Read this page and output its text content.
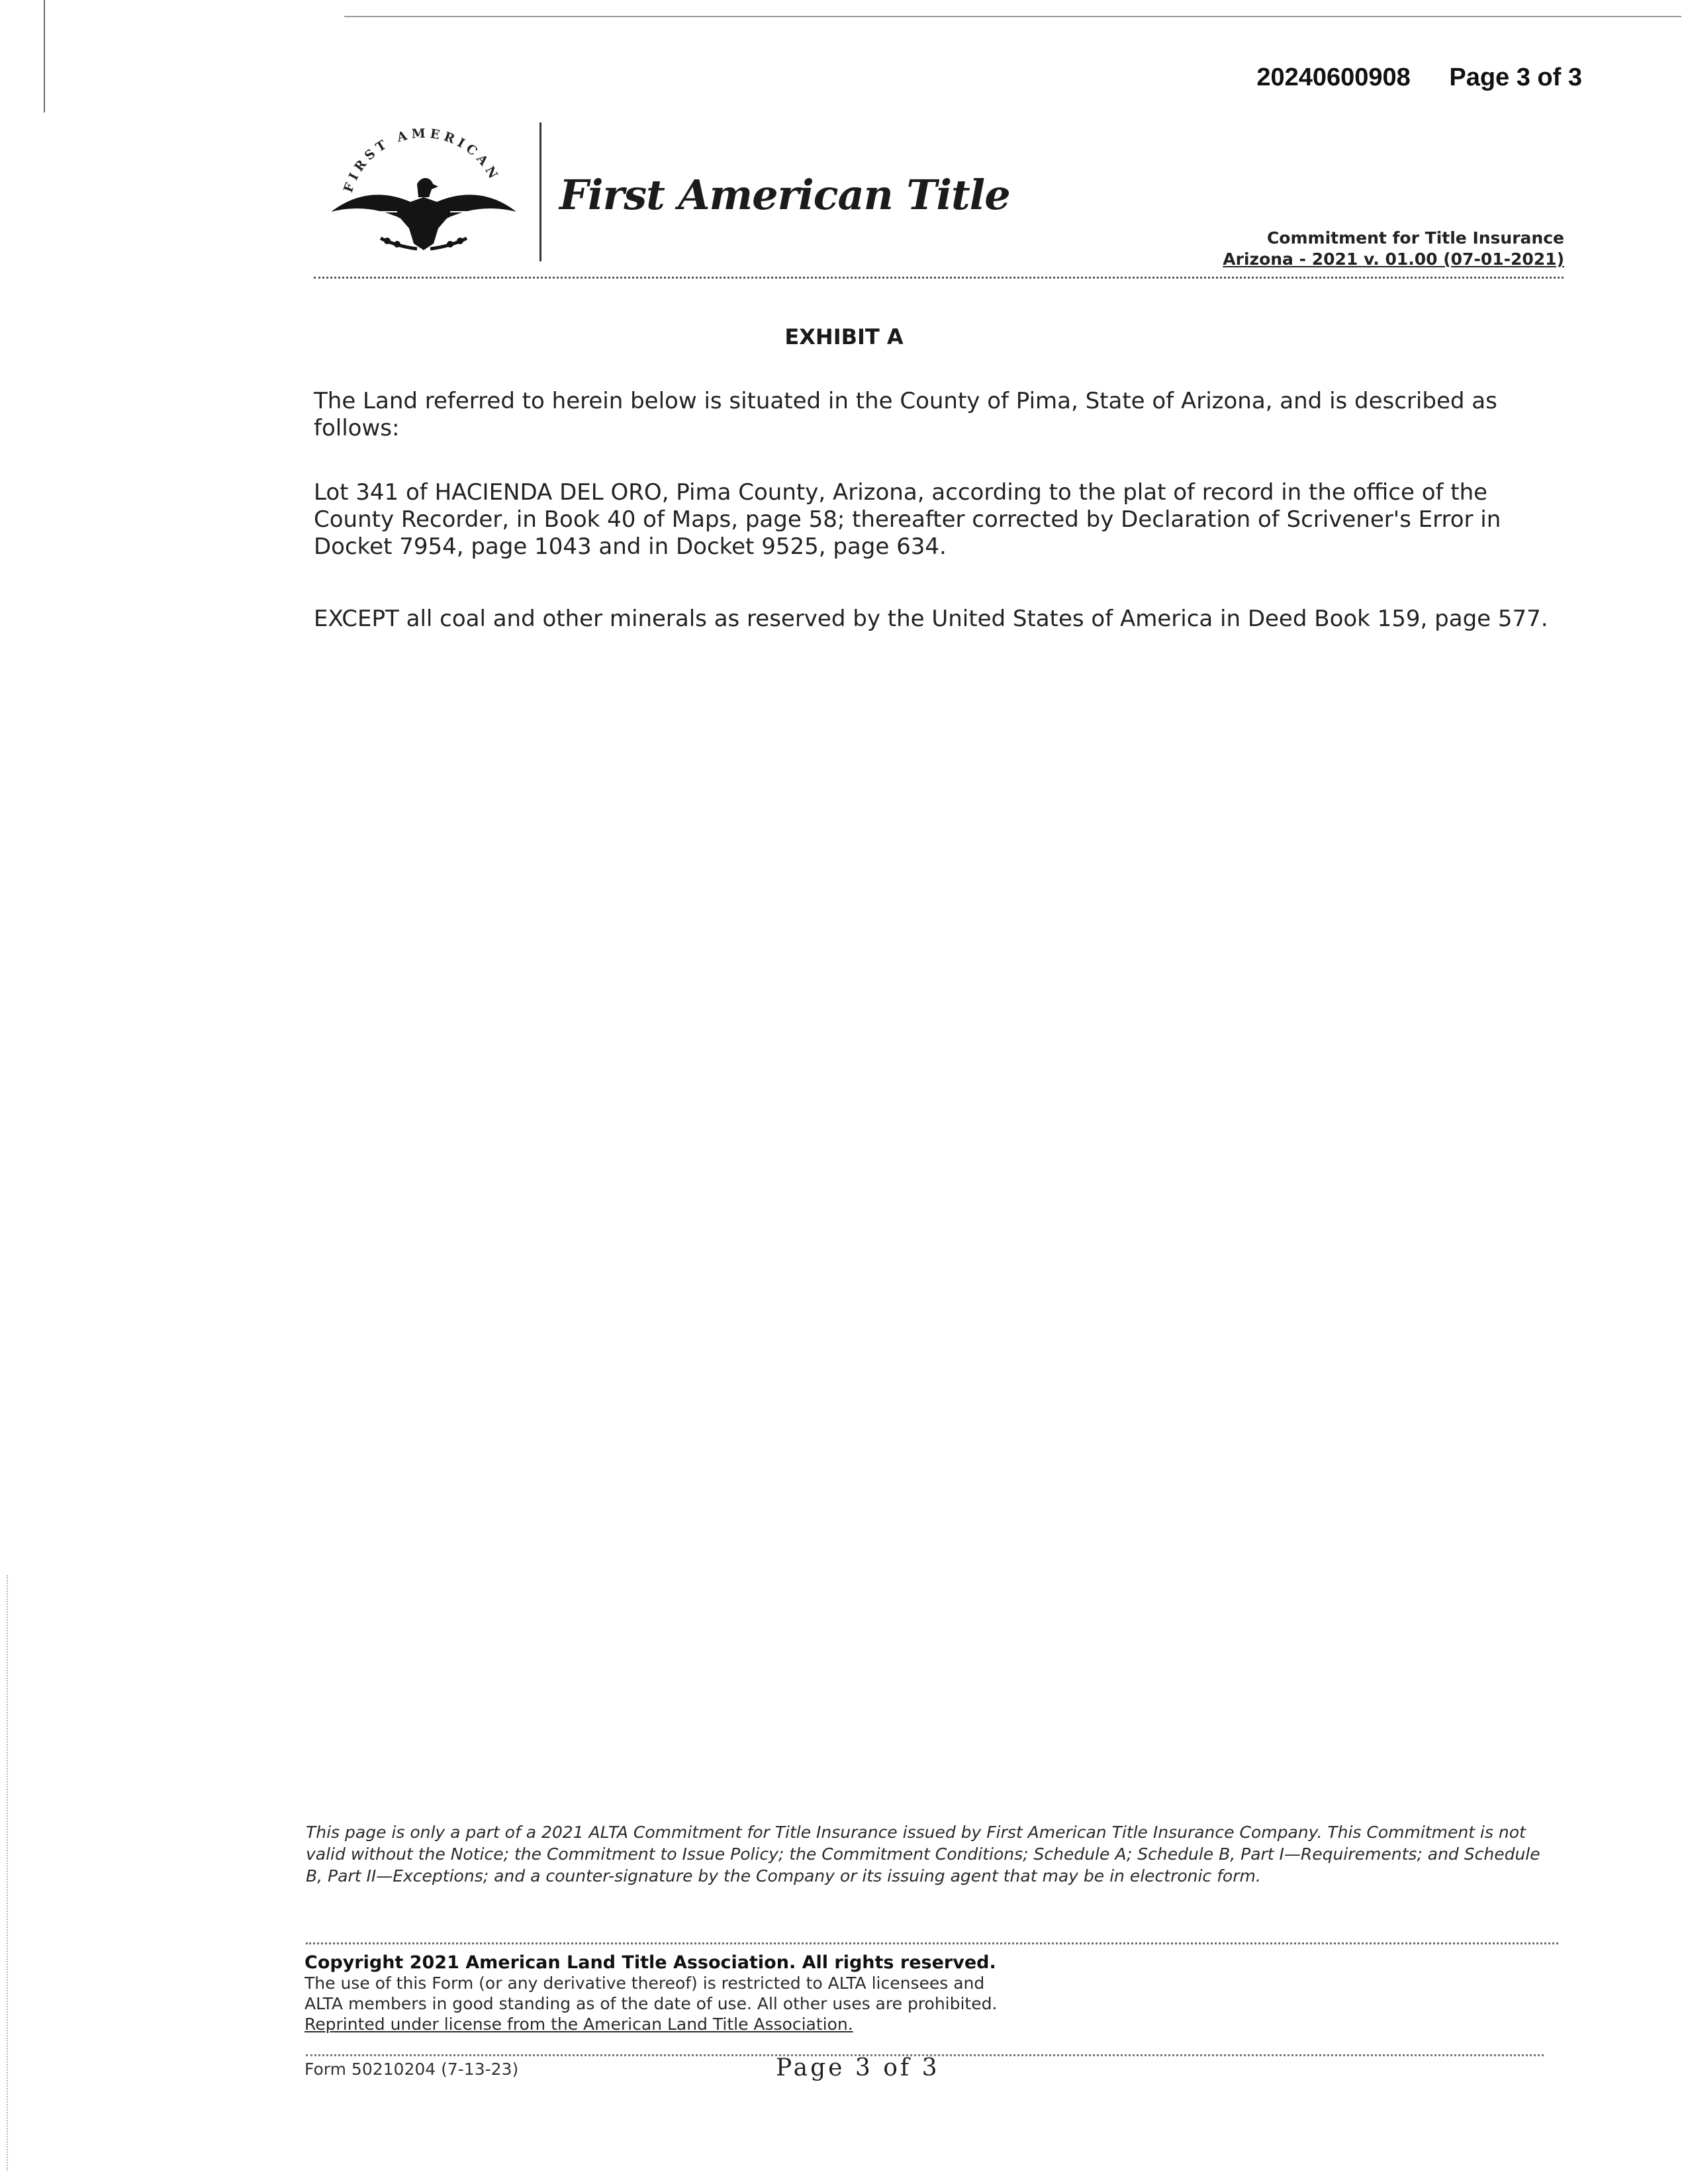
20240600908 Page 3 of 3
FIRST AMERICAN First American Title
Commitment for Title Insurance
Arizona - 2021 v. 01.00 (07-01-2021)
EXHIBIT A
The Land referred to herein below is situated in the County of Pima, State of Arizona, and is described as follows:
Lot 341 of HACIENDA DEL ORO, Pima County, Arizona, according to the plat of record in the office of the County Recorder, in Book 40 of Maps, page 58; thereafter corrected by Declaration of Scrivener's Error in Docket 7954, page 1043 and in Docket 9525, page 634.
EXCEPT all coal and other minerals as reserved by the United States of America in Deed Book 159, page 577.
This page is only a part of a 2021 ALTA Commitment for Title Insurance issued by First American Title Insurance Company. This Commitment is not valid without the Notice; the Commitment to Issue Policy; the Commitment Conditions; Schedule A; Schedule B, Part I—Requirements; and Schedule B, Part II—Exceptions; and a counter-signature by the Company or its issuing agent that may be in electronic form.
Copyright 2021 American Land Title Association. All rights reserved.
The use of this Form (or any derivative thereof) is restricted to ALTA licensees and
ALTA members in good standing as of the date of use. All other uses are prohibited.
Reprinted under license from the American Land Title Association.
Form 50210204 (7-13-23)	Page 3 of 3
